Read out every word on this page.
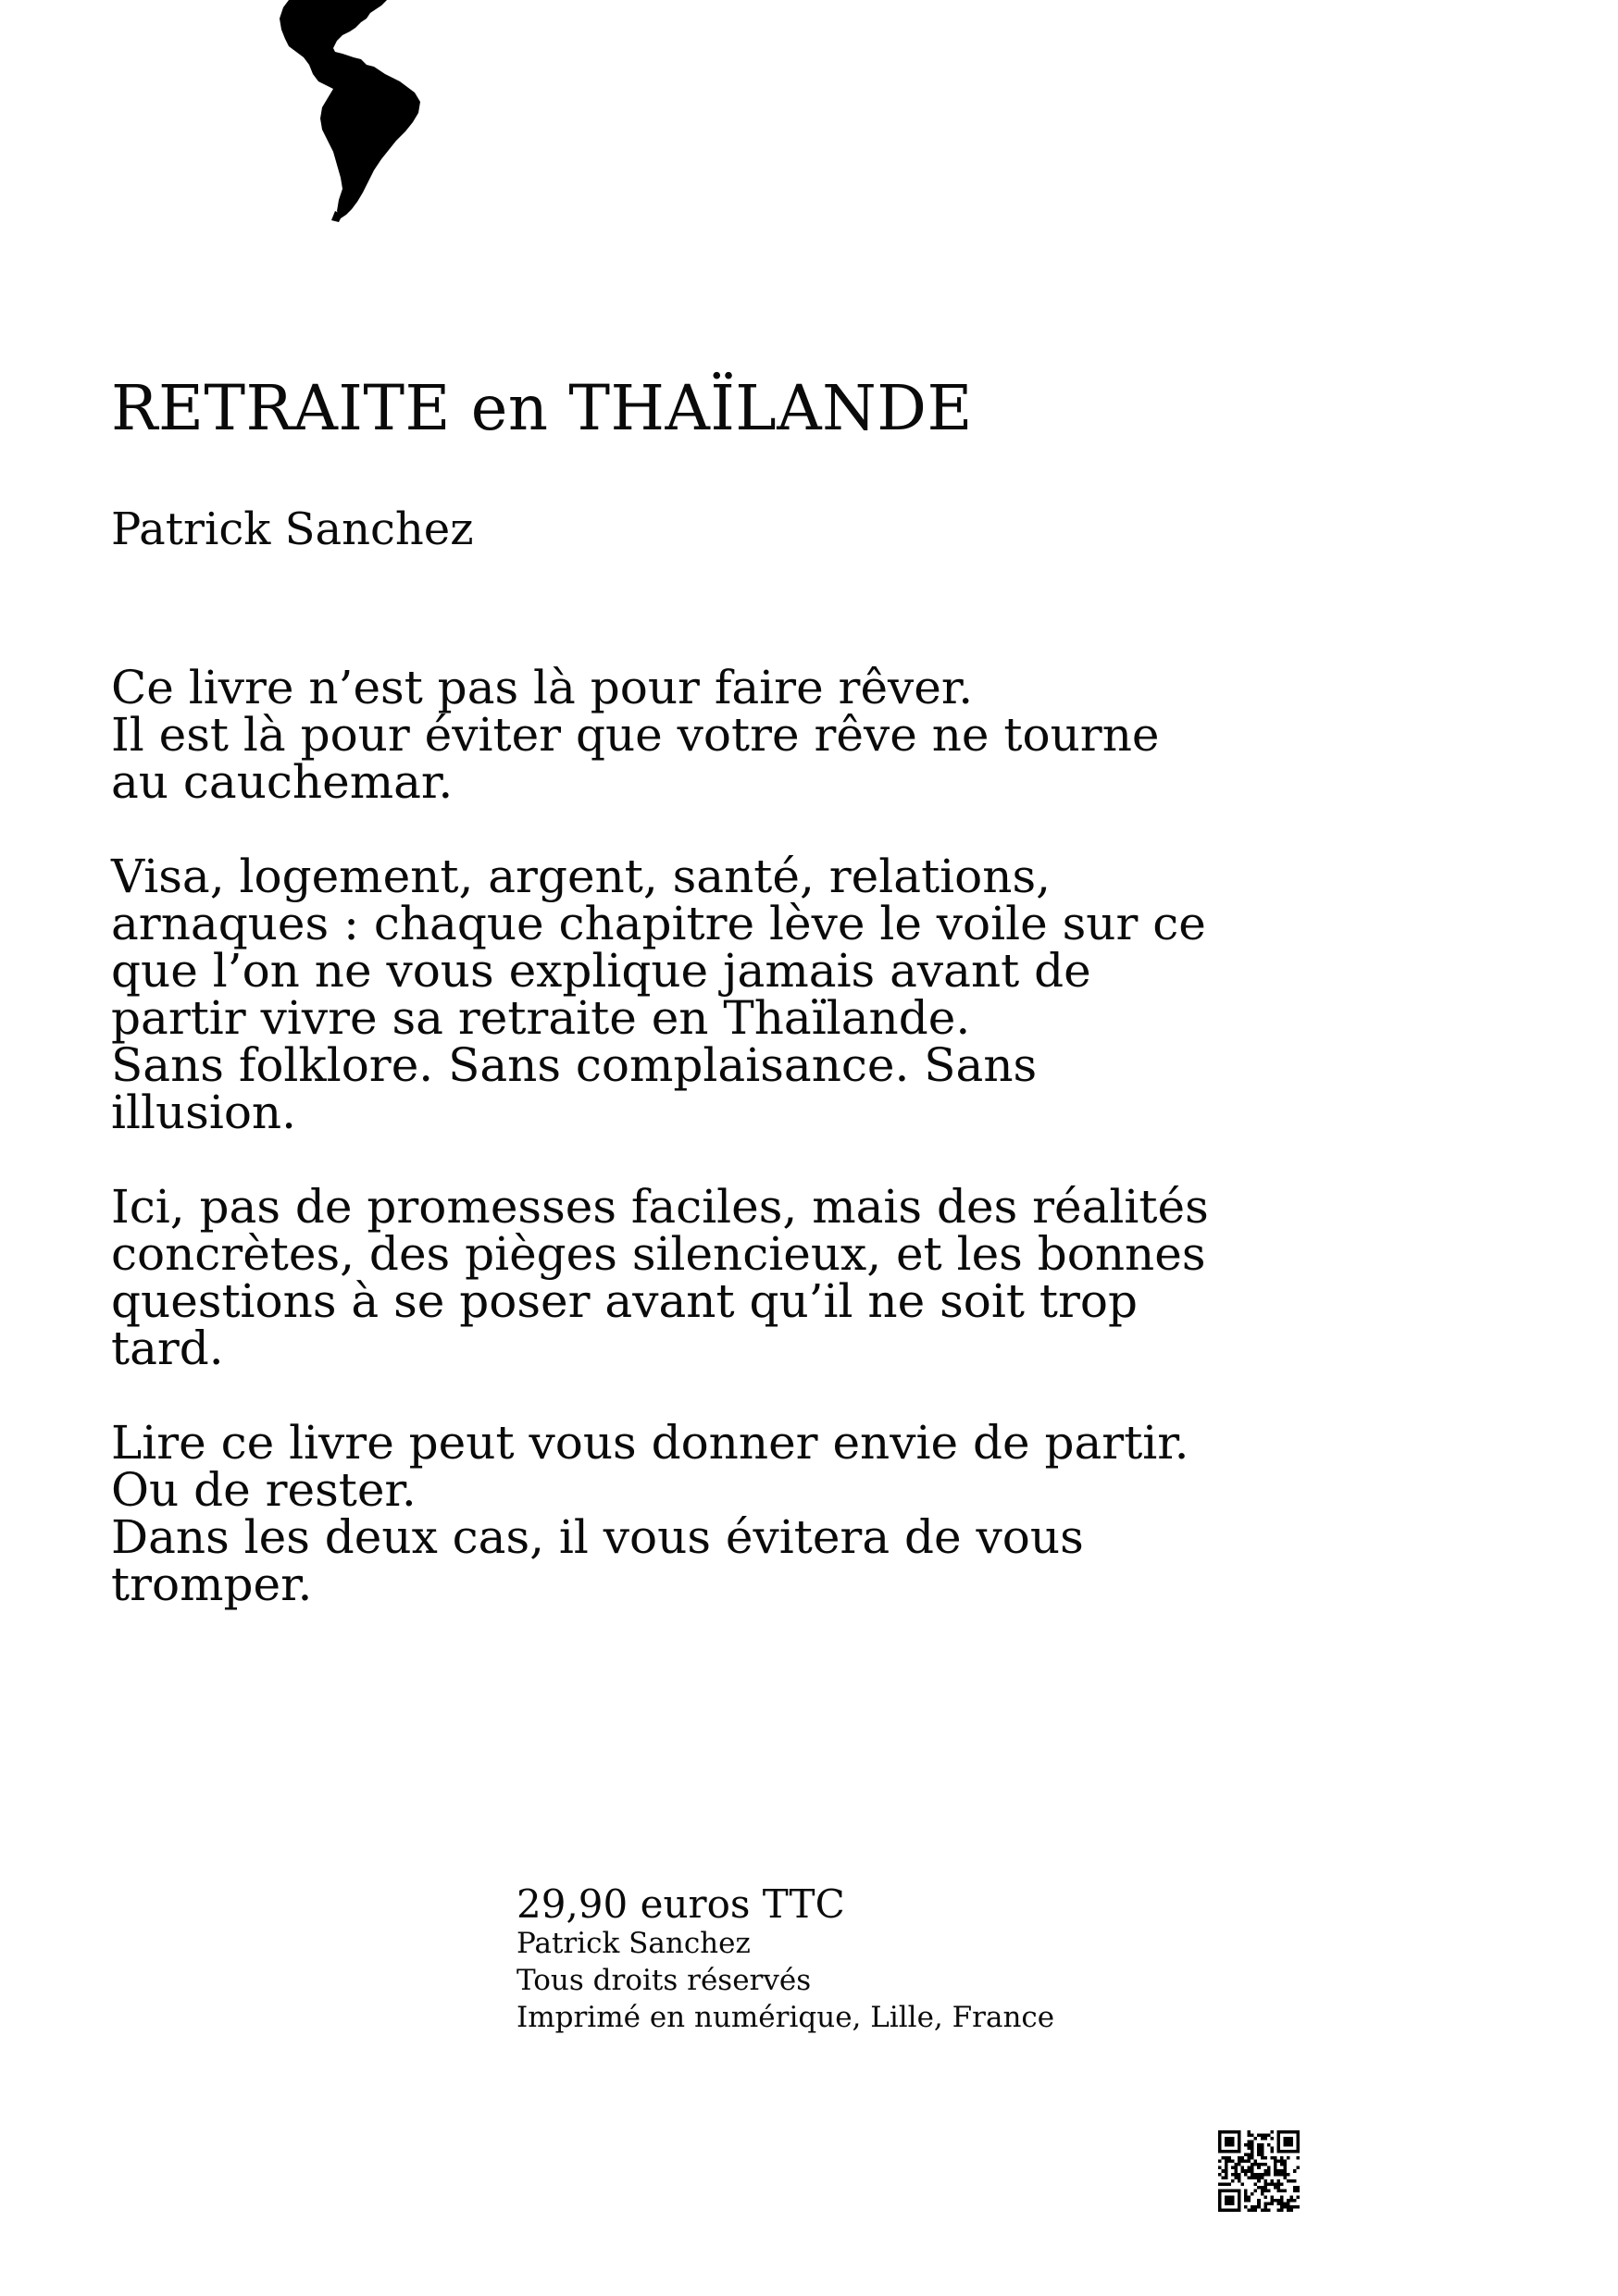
RETRAITE en THAÏLANDE
Patrick Sanchez

Ce livre n’est pas là pour faire rêver.
Il est là pour éviter que votre rêve ne tourne
au cauchemar.

Visa, logement, argent, santé, relations,
arnaques : chaque chapitre lève le voile sur ce
que l’on ne vous explique jamais avant de
partir vivre sa retraite en Thaïlande.
Sans folklore. Sans complaisance. Sans
illusion.

Ici, pas de promesses faciles, mais des réalités
concrètes, des pièges silencieux, et les bonnes
questions à se poser avant qu’il ne soit trop
tard.

Lire ce livre peut vous donner envie de partir.
Ou de rester.
Dans les deux cas, il vous évitera de vous
tromper.

29,90 euros TTC
Patrick Sanchez
Tous droits réservés
Imprimé en numérique, Lille, France
